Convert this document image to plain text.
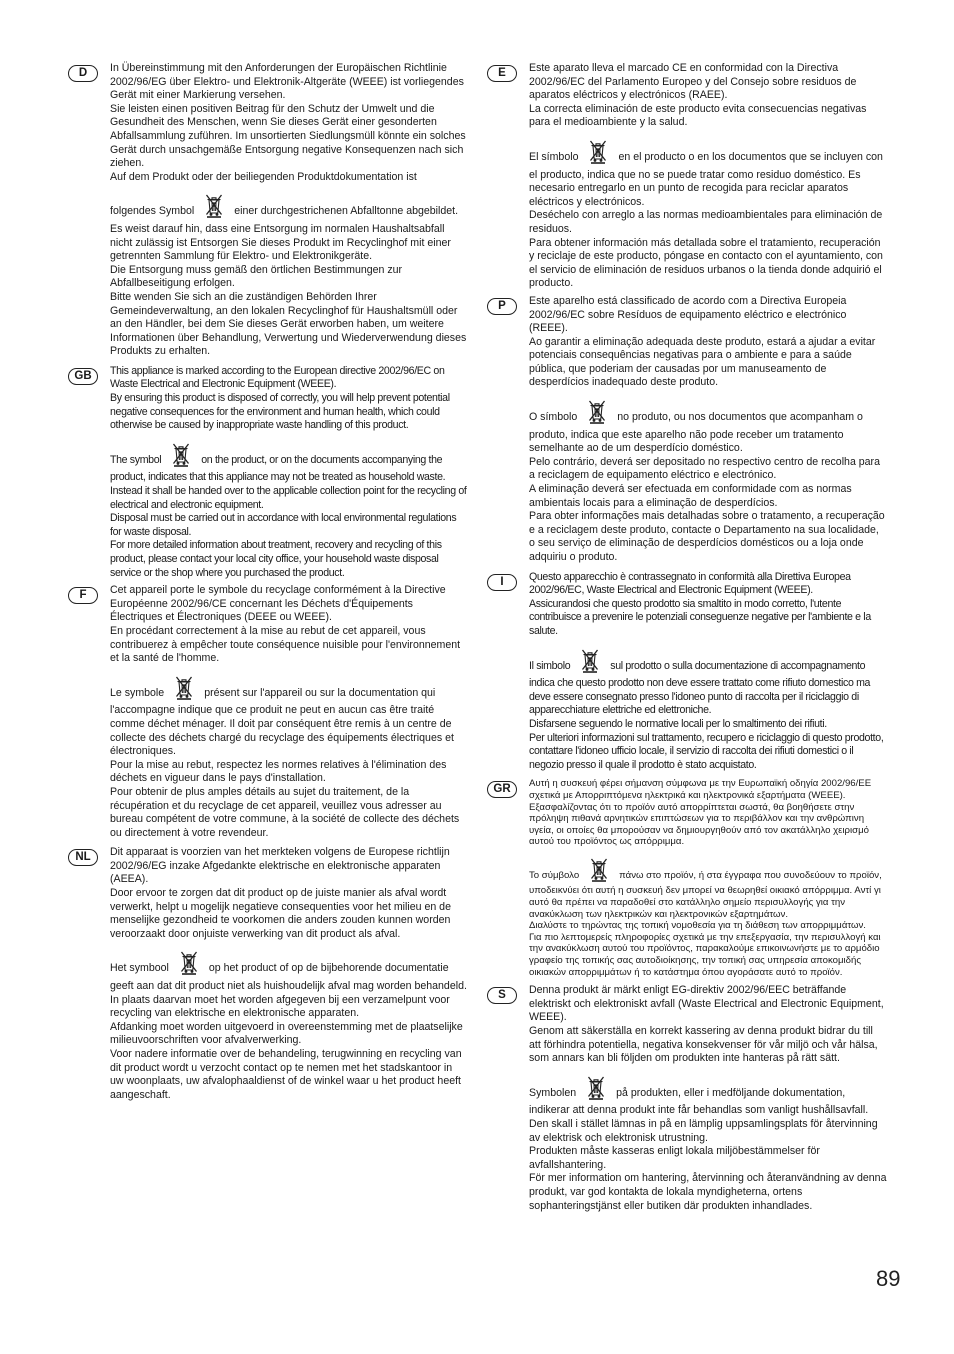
D	In Übereinstimmung mit den Anforderungen der Europäischen Richtlinie 2002/96/EG über Elektro- und Elektronik-Altgeräte (WEEE) ist vorliegendes Gerät mit einer Markierung versehen.

Sie leisten einen positiven Beitrag für den Schutz der Umwelt und die Gesundheit des Menschen, wenn Sie dieses Gerät einer gesonderten Abfallsammlung zuführen. Im unsortierten Siedlungsmüll könnte ein solches Gerät durch unsachgemäße Entsorgung negative Konsequenzen nach sich ziehen.

Auf dem Produkt oder der beiliegenden Produktdokumentation ist

folgendes Symbol	einer durchgestrichenen Abfalltonne abgebildet. Es weist darauf hin, dass eine Entsorgung im normalen Haushaltsabfall nicht zulässig ist Entsorgen Sie dieses Produkt im Recyclinghof mit einer getrennten Sammlung für Elektro- und Elektronikgeräte.

Die Entsorgung muss gemäß den örtlichen Bestimmungen zur Abfallbeseitigung erfolgen.

Bitte wenden Sie sich an die zuständigen Behörden Ihrer Gemeindeverwaltung, an den lokalen Recyclinghof für Haushaltsmüll oder an den Händler, bei dem Sie dieses Gerät erworben haben, um weitere Informationen über Behandlung, Verwertung und Wiederverwendung dieses Produkts zu erhalten.

GB	This appliance is marked according to the European directive 2002/96/EC on Waste Electrical and Electronic Equipment (WEEE).

By ensuring this product is disposed of correctly, you will help prevent potential negative consequences for the environment and human health, which could otherwise be caused by inappropriate waste handling of this product.

The symbol	on the product, or on the documents accompanying the product, indicates that this appliance may not be treated as household waste. Instead it shall be handed over to the applicable collection point for the recycling of electrical and electronic equipment.

Disposal must be carried out in accordance with local environmental regulations for waste disposal.

For more detailed information about treatment, recovery and recycling of this product, please contact your local city office, your household waste disposal service or the shop where you purchased the product.

F	Cet appareil porte le symbole du recyclage conformément à la Directive Européenne 2002/96/CE concernant les Déchets d'Équipements Électriques et Électroniques (DEEE ou WEEE).

En procédant correctement à la mise au rebut de cet appareil, vous contribuerez à empêcher toute conséquence nuisible pour l'environnement et la santé de l'homme.

Le symbole	présent sur l'appareil ou sur la documentation qui l'accompagne indique que ce produit ne peut en aucun cas être traité comme déchet ménager. Il doit par conséquent être remis à un centre de collecte des déchets chargé du recyclage des équipements électriques et électroniques.

Pour la mise au rebut, respectez les normes relatives à l'élimination des déchets en vigueur dans le pays d'installation.

Pour obtenir de plus amples détails au sujet du traitement, de la récupération et du recyclage de cet appareil, veuillez vous adresser au bureau compétent de votre commune, à la société de collecte des déchets ou directement à votre revendeur.

NL	Dit apparaat is voorzien van het merkteken volgens de Europese richtlijn 2002/96/EG inzake Afgedankte elektrische en elektronische apparaten (AEEA).

Door ervoor te zorgen dat dit product op de juiste manier als afval wordt verwerkt, helpt u mogelijk negatieve consequenties voor het milieu en de menselijke gezondheid te voorkomen die anders zouden kunnen worden veroorzaakt door onjuiste verwerking van dit product als afval.

Het symbool	op het product of op de bijbehorende documentatie geeft aan dat dit product niet als huishoudelijk afval mag worden behandeld. In plaats daarvan moet het worden afgegeven bij een verzamelpunt voor recycling van elektrische en elektronische apparaten.

Afdanking moet worden uitgevoerd in overeenstemming met de plaatselijke milieuvoorschriften voor afvalverwerking.

Voor nadere informatie over de behandeling, terugwinning en recycling van dit product wordt u verzocht contact op te nemen met het stadskantoor in uw woonplaats, uw afvalophaaldienst of de winkel waar u het product heeft aangeschaft.

E	Este aparato lleva el marcado CE en conformidad con la Directiva 2002/96/EC del Parlamento Europeo y del Consejo sobre residuos de aparatos eléctricos y electrónicos (RAEE).

La correcta eliminación de este producto evita consecuencias negativas para el medioambiente y la salud.

El símbolo	en el producto o en los documentos que se incluyen con el producto, indica que no se puede tratar como residuo doméstico. Es necesario entregarlo en un punto de recogida para reciclar aparatos eléctricos y electrónicos.

Deséchelo con arreglo a las normas medioambientales para eliminación de residuos.

Para obtener información más detallada sobre el tratamiento, recuperación y reciclaje de este producto, póngase en contacto con el ayuntamiento, con el servicio de eliminación de residuos urbanos o la tienda donde adquirió el producto.

P	Este aparelho está classificado de acordo com a Directiva Europeia 2002/96/EC sobre Resíduos de equipamento eléctrico e electrónico (REEE).

Ao garantir a eliminação adequada deste produto, estará a ajudar a evitar potenciais consequências negativas para o ambiente e para a saúde pública, que poderiam der causadas por um manuseamento de desperdícios inadequado deste produto.

O símbolo	no produto, ou nos documentos que acompanham o produto, indica que este aparelho não pode receber um tratamento semelhante ao de um desperdício doméstico.

Pelo contrário, deverá ser depositado no respectivo centro de recolha para a reciclagem de equipamento eléctrico e electrónico.

A eliminação deverá ser efectuada em conformidade com as normas ambientais locais para a eliminação de desperdícios.

Para obter informações mais detalhadas sobre o tratamento, a recuperação e a reciclagem deste produto, contacte o Departamento na sua localidade, o seu serviço de eliminação de desperdícios domésticos ou a loja onde adquiriu o produto.

I	Questo apparecchio è contrassegnato in conformità alla Direttiva Europea 2002/96/EC, Waste Electrical and Electronic Equipment (WEEE).

Assicurandosi che questo prodotto sia smaltito in modo corretto, l'utente contribuisce a prevenire le potenziali conseguenze negative per l'ambiente e la salute.

Il simbolo	sul prodotto o sulla documentazione di accompagnamento indica che questo prodotto non deve essere trattato come rifiuto domestico ma deve essere consegnato presso l'idoneo punto di raccolta per il riciclaggio di apparecchiature elettriche ed elettroniche.

Disfarsene seguendo le normative locali per lo smaltimento dei rifiuti.

Per ulteriori informazioni sul trattamento, recupero e riciclaggio di questo prodotto, contattare l'idoneo ufficio locale, il servizio di raccolta dei rifiuti domestici o il negozio presso il quale il prodotto è stato acquistato.

GR	Αυτή η συσκευή φέρει σήμανση σύμφωνα με την Ευρωπαϊκή οδηγία 2002/96/ΕΕ σχετικά με Απορριπτόμενα ηλεκτρικά και ηλεκτρονικά εξαρτήματα (WEEE).

Εξασφαλίζοντας ότι το προϊόν αυτό απορρίπτεται σωστά, θα βοηθήσετε στην πρόληψη πιθανά αρνητικών επιπτώσεων για το περιβάλλον και την ανθρώπινη υγεία, οι οποίες θα μπορούσαν να δημιουργηθούν από τον ακατάλληλο χειρισμό αυτού του προϊόντος ως απόρριμμα.

Το σύμβολο	πάνω στο προϊόν, ή στα έγγραφα που συνοδεύουν το προϊόν, υποδεικνύει ότι αυτή η συσκευή δεν μπορεί να θεωρηθεί οικιακό απόρριμμα. Αντί γι αυτό θα πρέπει να παραδοθεί στο κατάλληλο σημείο περισυλλογής για την ανακύκλωση των ηλεκτρικών και ηλεκτρονικών εξαρτημάτων.

Διαλύστε το τηρώντας της τοπική νομοθεσία για τη διάθεση των απορριμμάτων.

Για πιο λεπτομερείς πληροφορίες σχετικά με την επεξεργασία, την περισυλλογή και την ανακύκλωση αυτού του προϊόντος, παρακαλούμε επικοινωνήστε με το αρμόδιο γραφείο της τοπικής σας αυτοδιοίκησης, την τοπική σας υπηρεσία αποκομιδής οικιακών απορριμμάτων ή το κατάστημα όπου αγοράσατε αυτό το προϊόν.

S	Denna produkt är märkt enligt EG-direktiv 2002/96/EEC beträffande elektriskt och elektroniskt avfall (Waste Electrical and Electronic Equipment, WEEE).

Genom att säkerställa en korrekt kassering av denna produkt bidrar du till att förhindra potentiella, negativa konsekvenser för vår miljö och vår hälsa, som annars kan bli följden om produkten inte hanteras på rätt sätt.

Symbolen	på produkten, eller i medföljande dokumentation, indikerar att denna produkt inte får behandlas som vanligt hushållsavfall. Den skall i stället lämnas in på en lämplig uppsamlingsplats för återvinning av elektrisk och elektronisk utrustning.

Produkten måste kasseras enligt lokala miljöbestämmelser för avfallshantering.

För mer information om hantering, återvinning och återanvändning av denna produkt, var god kontakta de lokala myndigheterna, ortens sophanteringstjänst eller butiken där produkten inhandlades.

89
